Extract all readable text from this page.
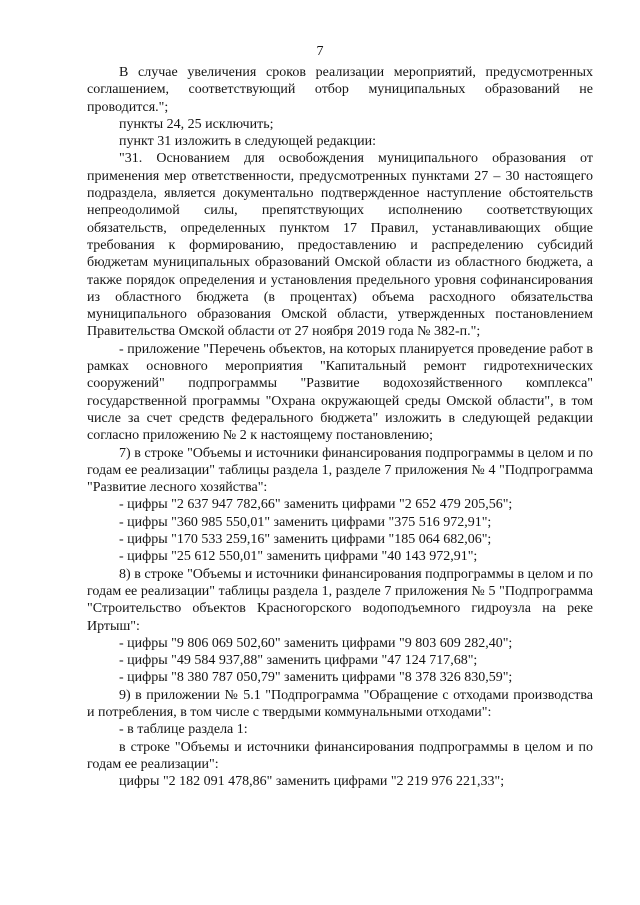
7

В случае увеличения сроков реализации мероприятий, предусмотренных соглашением, соответствующий отбор муниципальных образований не проводится.";

пункты 24, 25 исключить;

пункт 31 изложить в следующей редакции:

"31. Основанием для освобождения муниципального образования от применения мер ответственности, предусмотренных пунктами 27 – 30 настоящего подраздела, является документально подтвержденное наступление обстоятельств непреодолимой силы, препятствующих исполнению соответствующих обязательств, определенных пунктом 17 Правил, устанавливающих общие требования к формированию, предоставлению и распределению субсидий бюджетам муниципальных образований Омской области из областного бюджета, а также порядок определения и установления предельного уровня софинансирования из областного бюджета (в процентах) объема расходного обязательства муниципального образования Омской области, утвержденных постановлением Правительства Омской области от 27 ноября 2019 года № 382-п.";

- приложение "Перечень объектов, на которых планируется проведение работ в рамках основного мероприятия "Капитальный ремонт гидротехнических сооружений" подпрограммы "Развитие водохозяйственного комплекса" государственной программы "Охрана окружающей среды Омской области", в том числе за счет средств федерального бюджета" изложить в следующей редакции согласно приложению № 2 к настоящему постановлению;

7) в строке "Объемы и источники финансирования подпрограммы в целом и по годам ее реализации" таблицы раздела 1, разделе 7 приложения № 4 "Подпрограмма "Развитие лесного хозяйства":

- цифры "2 637 947 782,66" заменить цифрами "2 652 479 205,56";

- цифры "360 985 550,01" заменить цифрами "375 516 972,91";

- цифры "170 533 259,16" заменить цифрами "185 064 682,06";

- цифры "25 612 550,01" заменить цифрами "40 143 972,91";

8) в строке "Объемы и источники финансирования подпрограммы в целом и по годам ее реализации" таблицы раздела 1, разделе 7 приложения № 5 "Подпрограмма "Строительство объектов Красногорского водоподъемного гидроузла на реке Иртыш":

- цифры "9 806 069 502,60" заменить цифрами "9 803 609 282,40";

- цифры "49 584 937,88" заменить цифрами "47 124 717,68";

- цифры "8 380 787 050,79" заменить цифрами "8 378 326 830,59";

9) в приложении № 5.1 "Подпрограмма "Обращение с отходами производства и потребления, в том числе с твердыми коммунальными отходами":

- в таблице раздела 1:

в строке "Объемы и источники финансирования подпрограммы в целом и по годам ее реализации":

цифры "2 182 091 478,86" заменить цифрами "2 219 976 221,33";
